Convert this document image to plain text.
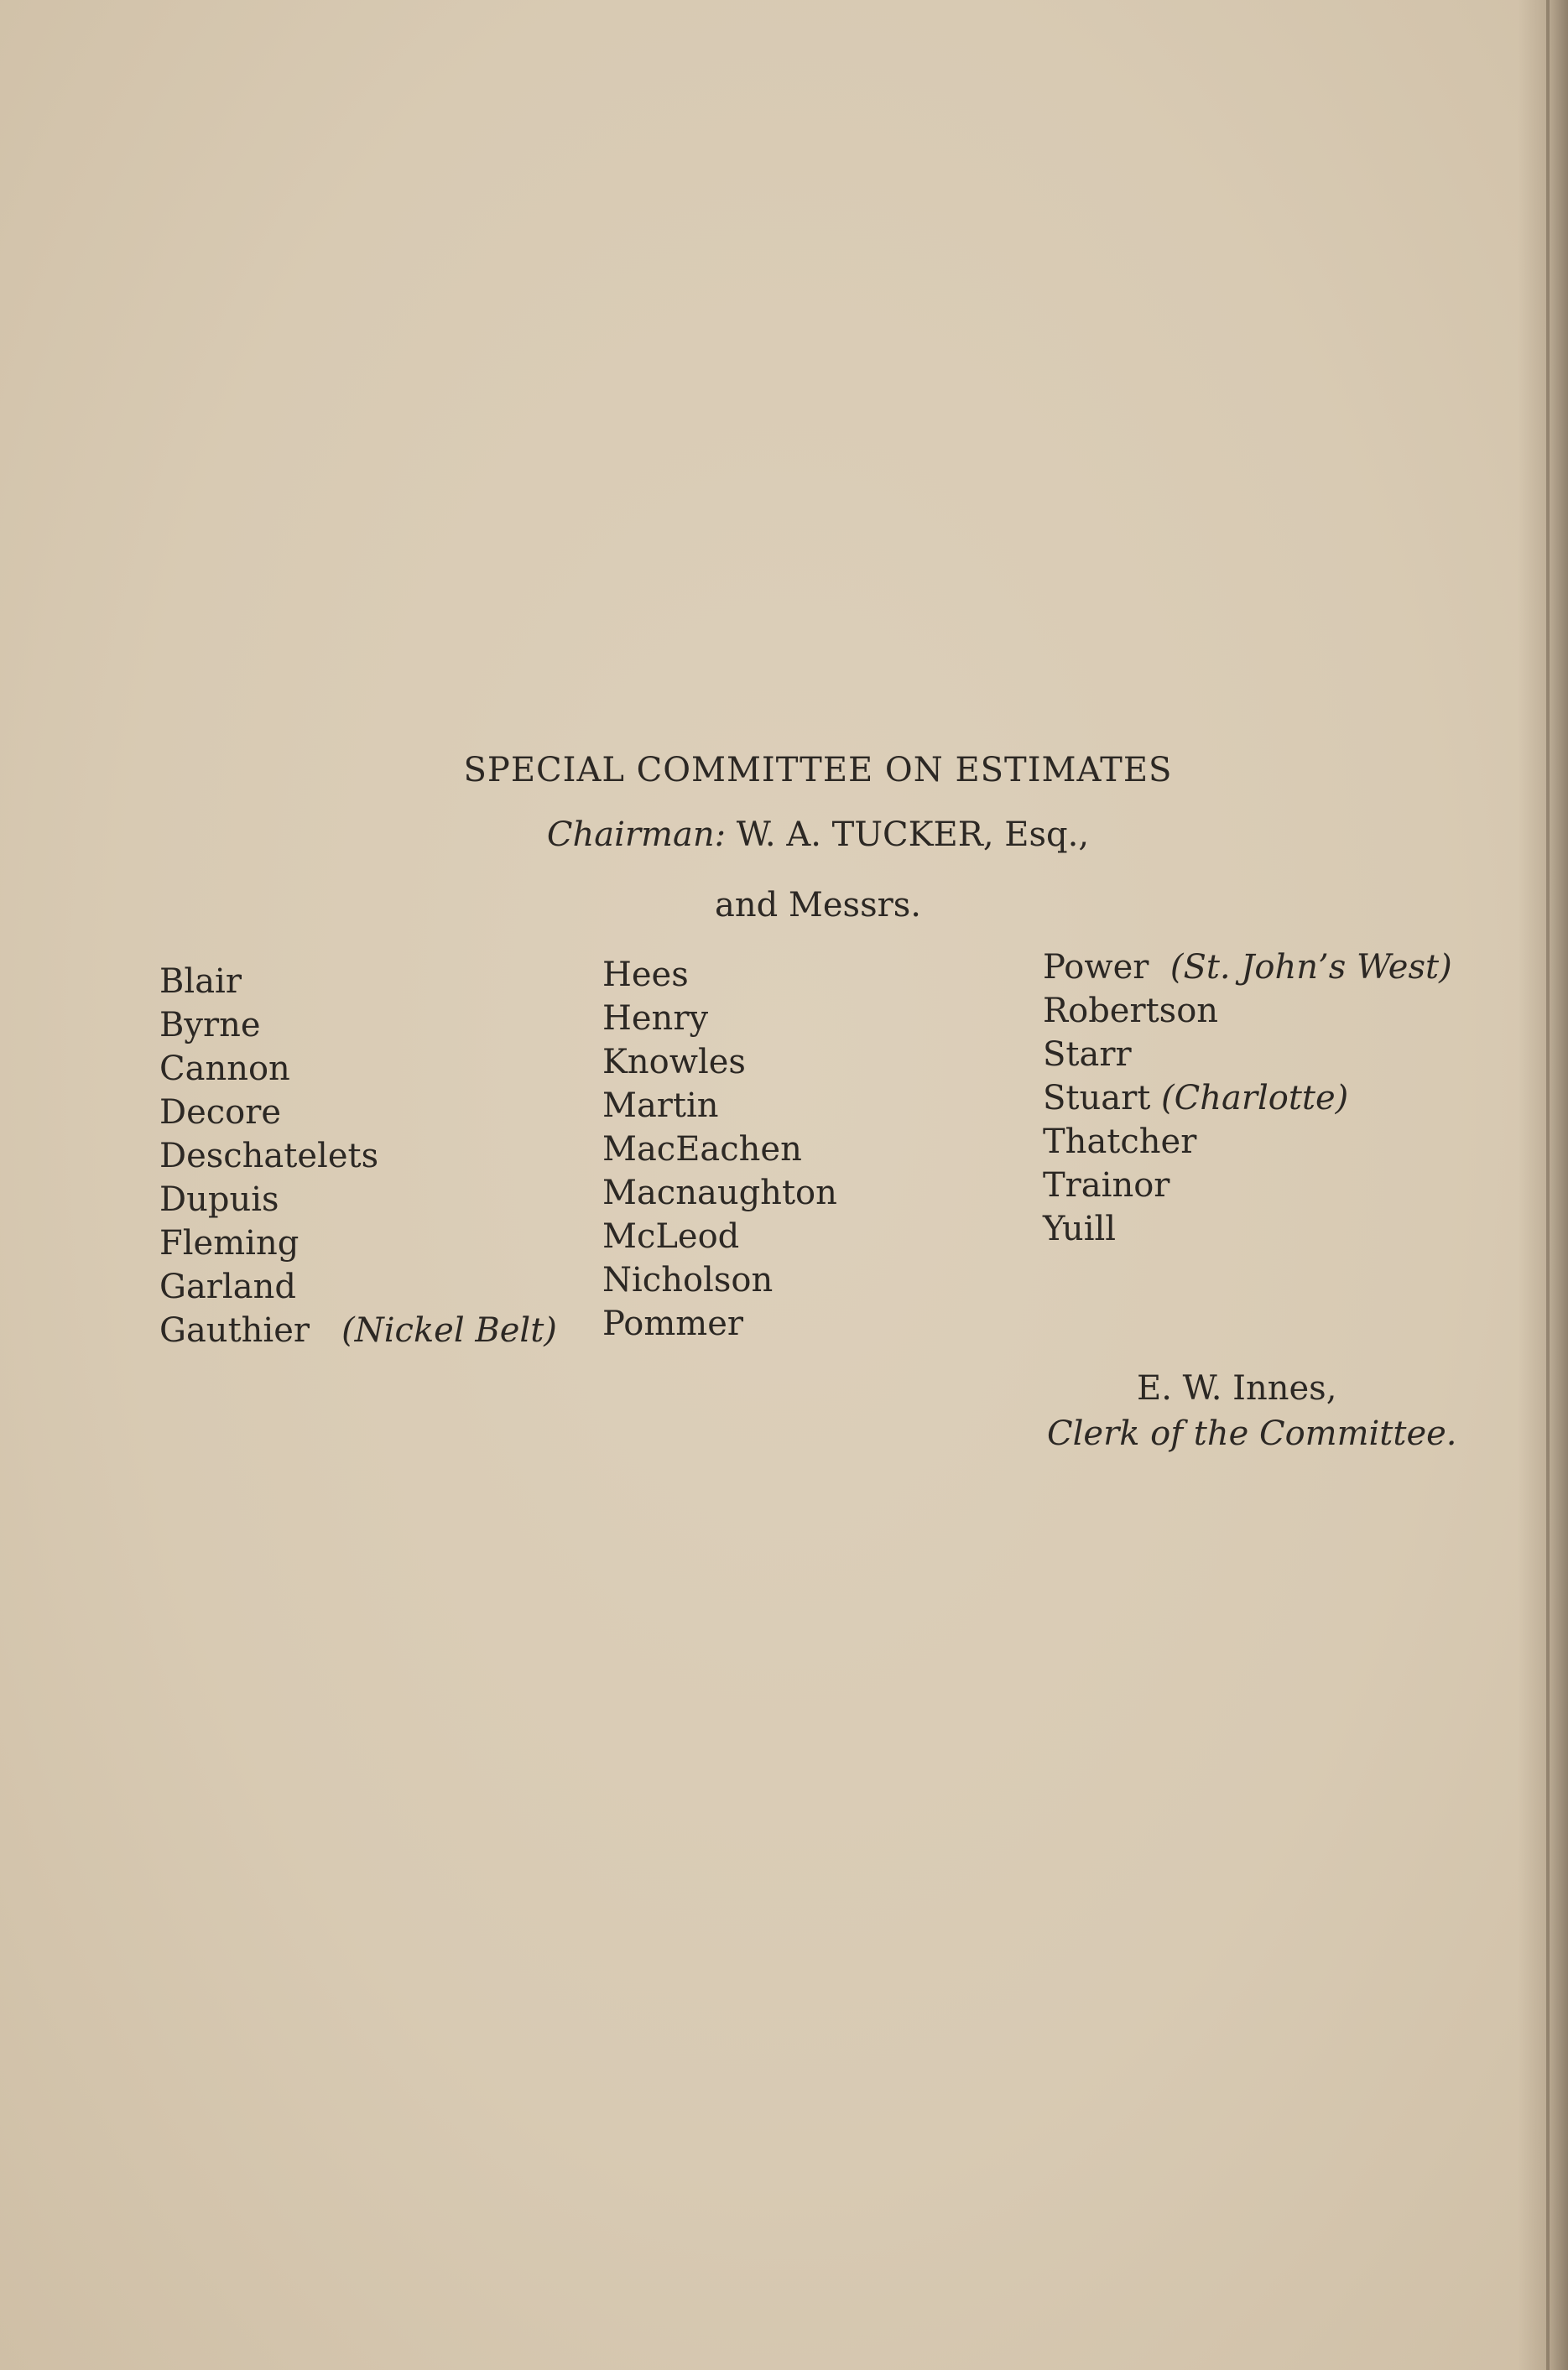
SPECIAL COMMITTEE ON ESTIMATES
Chairman: W. A. TUCKER, Esq.,
and Messrs.
Blair
Byrne
Cannon
Decore
Deschatelets
Dupuis
Fleming
Garland
Gauthier (Nickel Belt)
Hees
Henry
Knowles
Martin
MacEachen
Macnaughton
McLeod
Nicholson
Pommer
Power (St. John’s West)
Robertson
Starr
Stuart (Charlotte)
Thatcher
Trainor
Yuill
E. W. Innes,
Clerk of the Committee.
